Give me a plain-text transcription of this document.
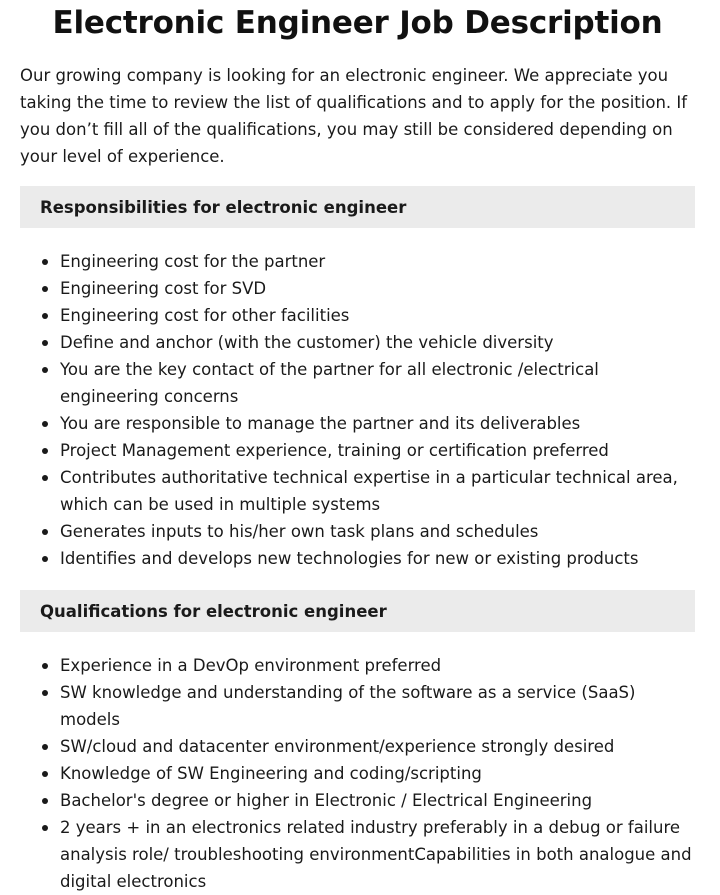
Electronic Engineer Job Description

Our growing company is looking for an electronic engineer. We appreciate you taking the time to review the list of qualifications and to apply for the position. If you don’t fill all of the qualifications, you may still be considered depending on your level of experience.

Responsibilities for electronic engineer
Engineering cost for the partner
Engineering cost for SVD
Engineering cost for other facilities
Define and anchor (with the customer) the vehicle diversity
You are the key contact of the partner for all electronic /electrical engineering concerns
You are responsible to manage the partner and its deliverables
Project Management experience, training or certification preferred
Contributes authoritative technical expertise in a particular technical area, which can be used in multiple systems
Generates inputs to his/her own task plans and schedules
Identifies and develops new technologies for new or existing products
Qualifications for electronic engineer
Experience in a DevOp environment preferred
SW knowledge and understanding of the software as a service (SaaS) models
SW/cloud and datacenter environment/experience strongly desired
Knowledge of SW Engineering and coding/scripting
Bachelor's degree or higher in Electronic / Electrical Engineering
2 years + in an electronics related industry preferably in a debug or failure analysis role/ troubleshooting environmentCapabilities in both analogue and digital electronics
